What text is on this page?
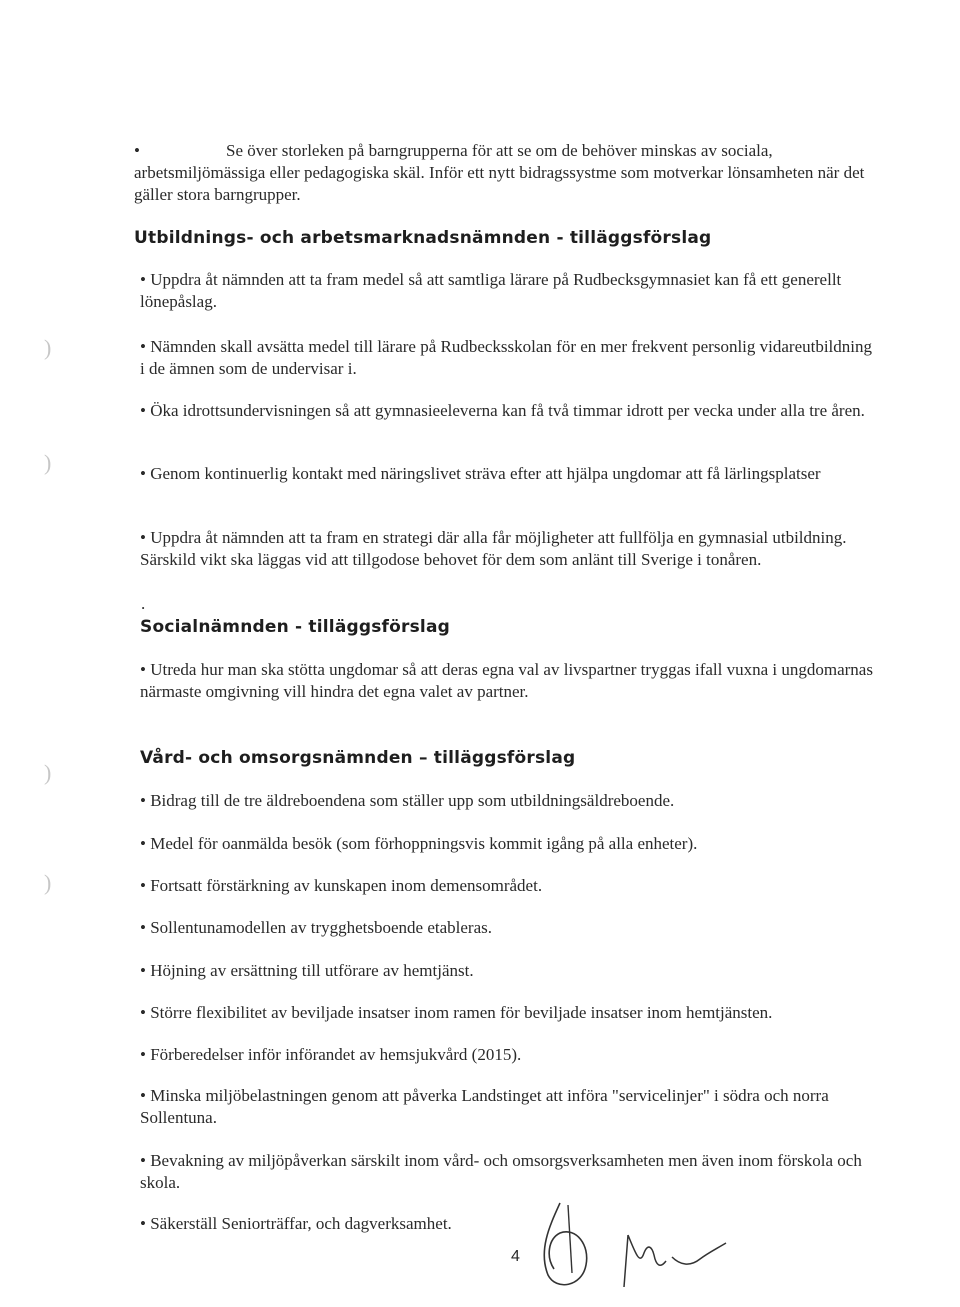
)
)
)
)

•	Se över storleken på barngrupperna för att se om de behöver minskas av sociala, arbetsmiljömässiga eller pedagogiska skäl. Inför ett nytt bidragssystme som motverkar lönsamheten när det gäller stora barngrupper.

Utbildnings- och arbetsmarknadsnämnden - tilläggsförslag

• Uppdra åt nämnden att ta fram medel så att samtliga lärare på Rudbecksgymnasiet kan få ett generellt lönepåslag.

• Nämnden skall avsätta medel till lärare på Rudbecksskolan för en mer frekvent personlig vidareutbildning i de ämnen som de undervisar i.

• Öka idrottsundervisningen så att gymnasieeleverna kan få två timmar idrott per vecka under alla tre åren.

• Genom kontinuerlig kontakt med näringslivet sträva efter att hjälpa ungdomar att få lärlingsplatser

• Uppdra åt nämnden att ta fram en strategi där alla får möjligheter att fullfölja en gymnasial utbildning. Särskild vikt ska läggas vid att tillgodose behovet för dem som anlänt till Sverige i tonåren.

.
Socialnämnden - tilläggsförslag

• Utreda hur man ska stötta ungdomar så att deras egna val av livspartner tryggas ifall vuxna i ungdomarnas närmaste omgivning vill hindra det egna valet av partner.

Vård- och omsorgsnämnden – tilläggsförslag

• Bidrag till de tre äldreboendena som ställer upp som utbildningsäldreboende.

• Medel för oanmälda besök (som förhoppningsvis kommit igång på alla enheter).

• Fortsatt förstärkning av kunskapen inom demensområdet.

• Sollentunamodellen av trygghetsboende etableras.

• Höjning av ersättning till utförare av hemtjänst.

• Större flexibilitet av beviljade insatser inom ramen för beviljade insatser inom hemtjänsten.

• Förberedelser inför införandet av hemsjukvård (2015).

• Minska miljöbelastningen genom att påverka Landstinget att införa "servicelinjer" i södra och norra Sollentuna.

• Bevakning av miljöpåverkan särskilt inom vård- och omsorgsverksamheten men även inom förskola och skola.

• Säkerställ Seniorträffar, och dagverksamhet.

4
